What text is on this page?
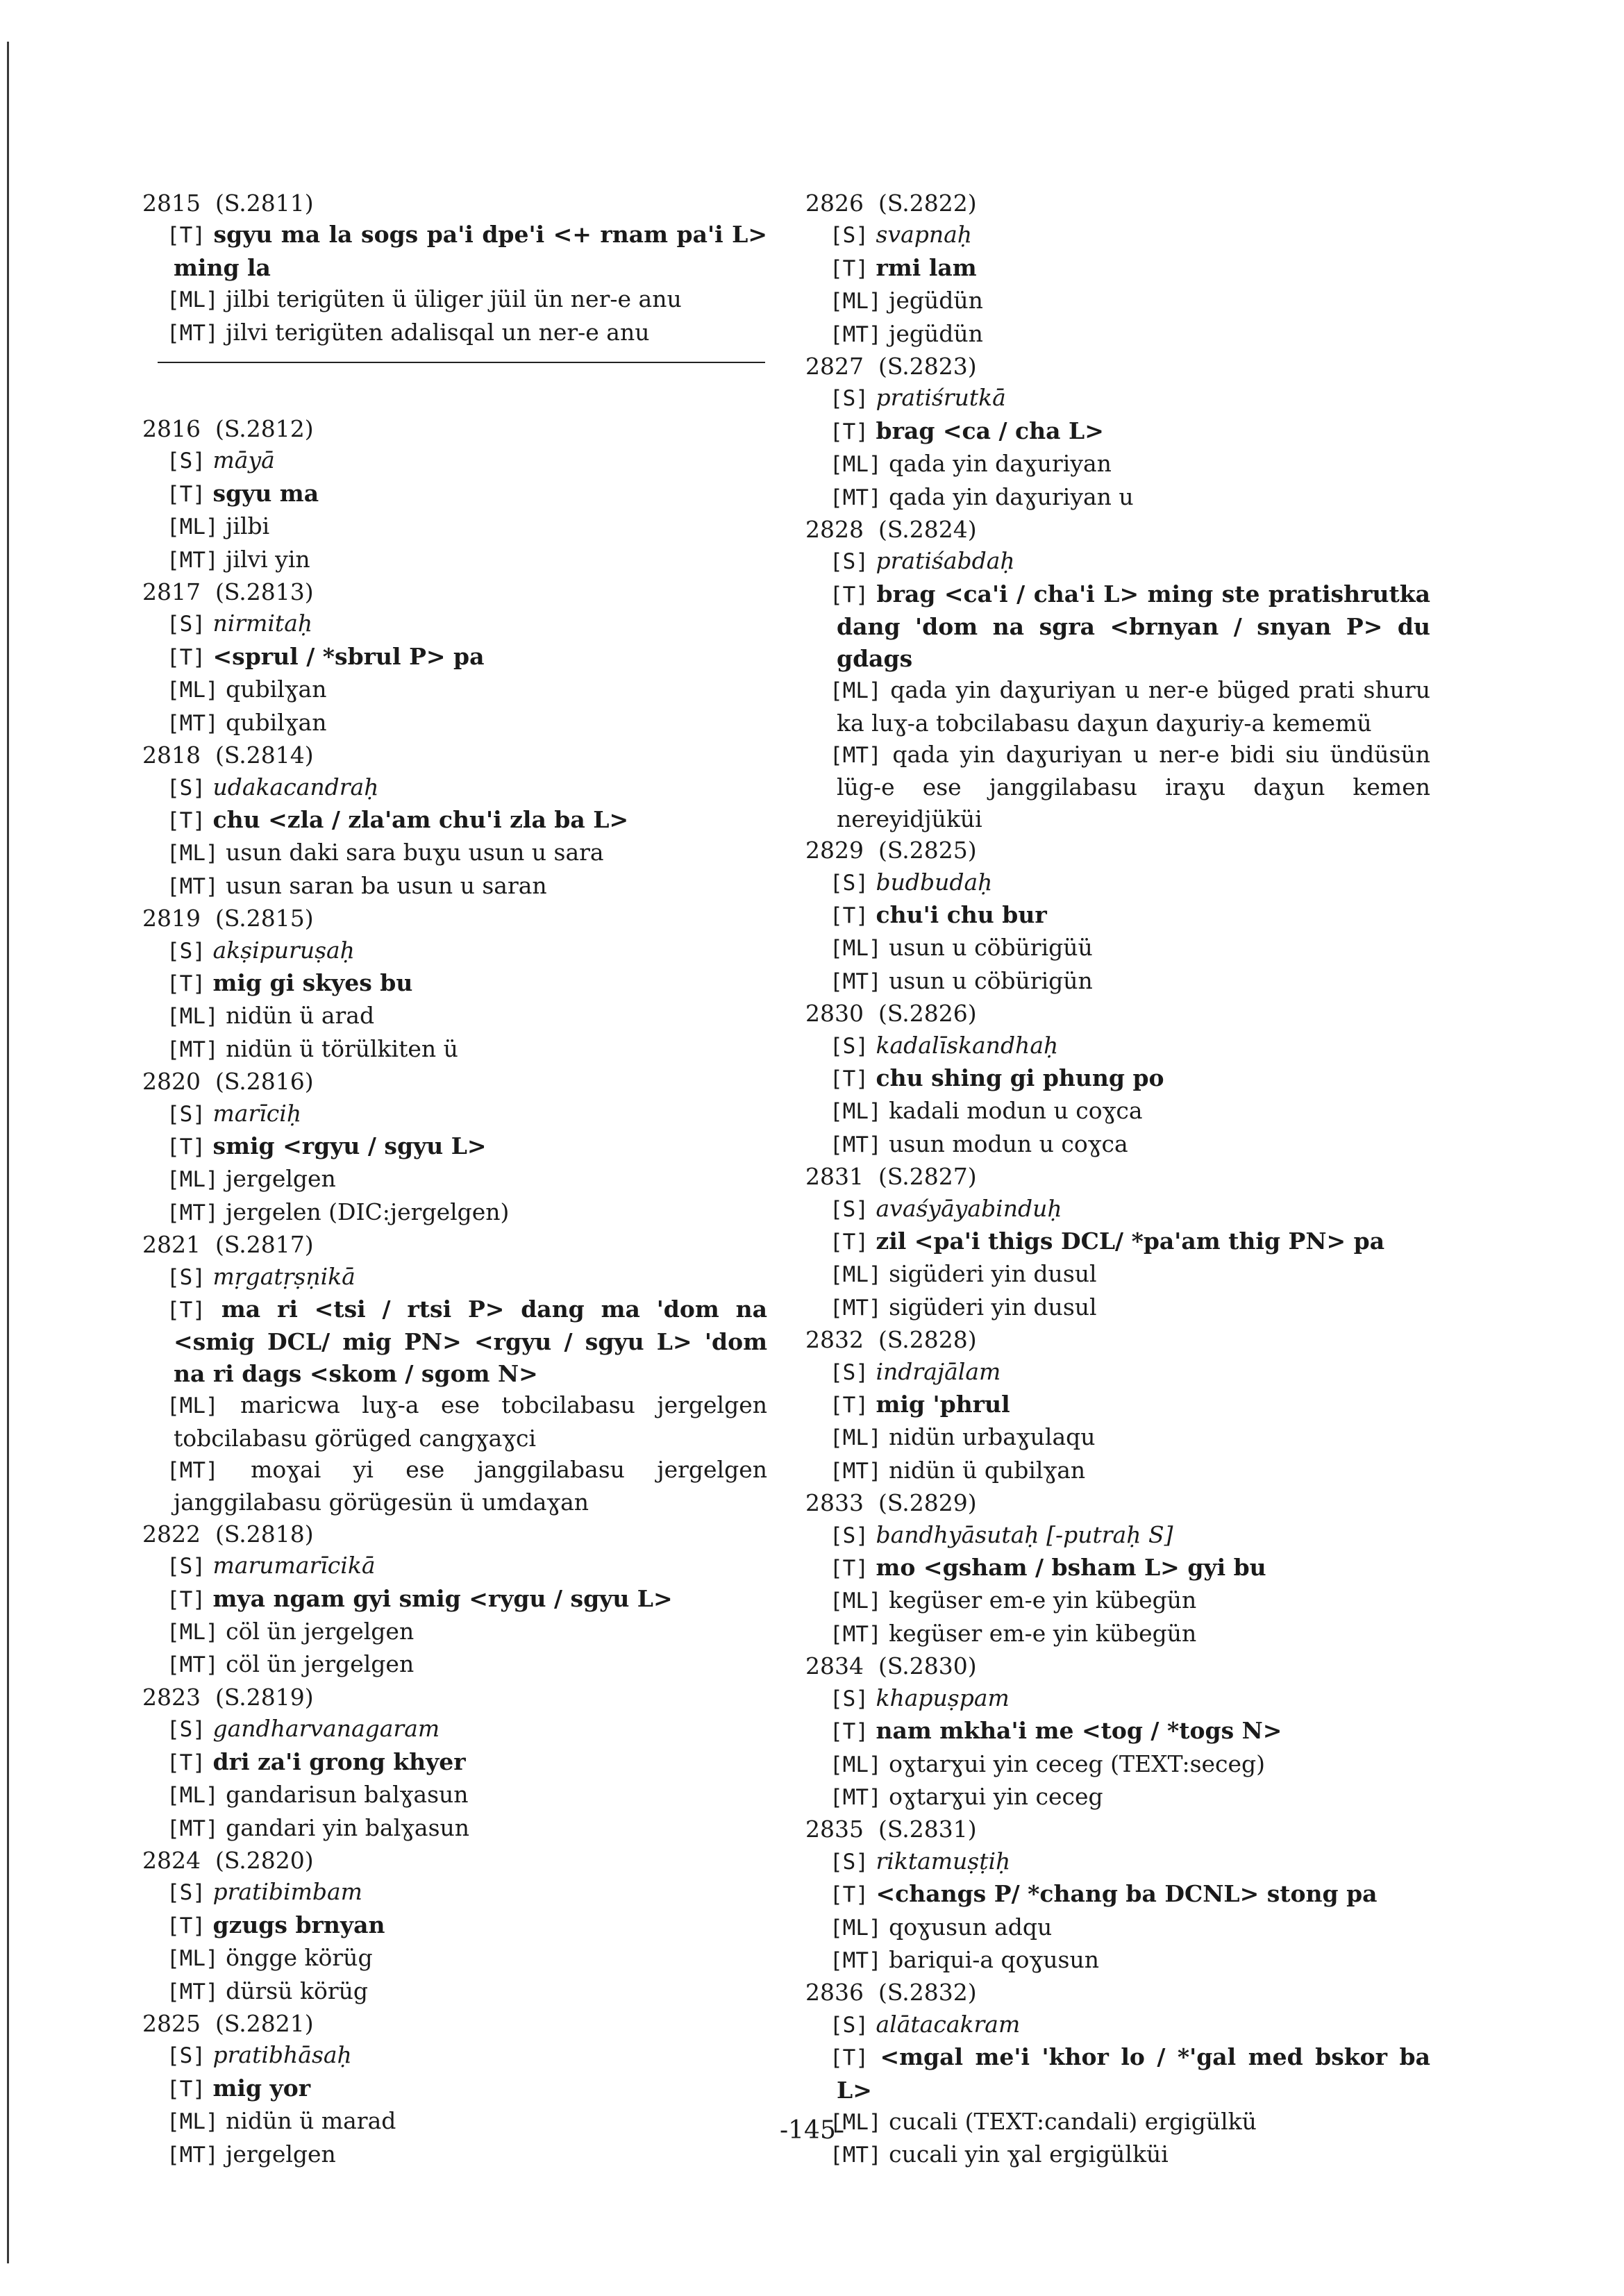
2815  (S.2811)
[T] sgyu ma la sogs pa'i dpe'i <+ rnam pa'i L> ming la
[ML] jilbi terigüten ü üliger jüil ün ner-e anu
[MT] jilvi terigüten adalisqal un ner-e anu
2816  (S.2812)
[S] māyā
[T] sgyu ma
[ML] jilbi
[MT] jilvi yin
2817  (S.2813)
[S] nirmitaḥ
[T] <sprul / *sbrul P> pa
[ML] qubilɣan
[MT] qubilɣan
2818  (S.2814)
[S] udakacandraḥ
[T] chu <zla / zla'am chu'i zla ba L>
[ML] usun daki sara buɣu usun u sara
[MT] usun saran ba usun u saran
2819  (S.2815)
[S] akṣipuruṣaḥ
[T] mig gi skyes bu
[ML] nidün ü arad
[MT] nidün ü törülkiten ü
2820  (S.2816)
[S] marīciḥ
[T] smig <rgyu / sgyu L>
[ML] jergelgen
[MT] jergelen (DIC:jergelgen)
2821  (S.2817)
[S] mṛgatṛṣṇikā
[T] ma ri <tsi / rtsi P> dang ma 'dom na <smig DCL/ mig PN> <rgyu / sgyu L> 'dom na ri dags <skom / sgom N>
[ML] maricwa luɣ-a ese tobcilabasu jergelgen tobcilabasu görüged cangɣaɣci
[MT] moɣai yi ese janggilabasu jergelgen janggilabasu görügesün ü umdaɣan
2822  (S.2818)
[S] marumarīcikā
[T] mya ngam gyi smig <rygu / sgyu L>
[ML] cöl ün jergelgen
[MT] cöl ün jergelgen
2823  (S.2819)
[S] gandharvanagaram
[T] dri za'i grong khyer
[ML] gandarisun balɣasun
[MT] gandari yin balɣasun
2824  (S.2820)
[S] pratibimbam
[T] gzugs brnyan
[ML] öngge körüg
[MT] dürsü körüg
2825  (S.2821)
[S] pratibhāsaḥ
[T] mig yor
[ML] nidün ü marad
[MT] jergelgen
2826  (S.2822)
[S] svapnaḥ
[T] rmi lam
[ML] jegüdün
[MT] jegüdün
2827  (S.2823)
[S] pratiśrutkā
[T] brag <ca / cha L>
[ML] qada yin daɣuriyan
[MT] qada yin daɣuriyan u
2828  (S.2824)
[S] pratiśabdaḥ
[T] brag <ca'i / cha'i L> ming ste pratishrutka dang 'dom na sgra <brnyan / snyan P> du gdags
[ML] qada yin daɣuriyan u ner-e büged prati shuru ka luɣ-a tobcilabasu daɣun daɣuriy-a kememü
[MT] qada yin daɣuriyan u ner-e bidi siu ündüsün lüg-e ese janggilabasu iraɣu daɣun kemen nereyidjüküi
2829  (S.2825)
[S] budbudaḥ
[T] chu'i chu bur
[ML] usun u cöbürigüü
[MT] usun u cöbürigün
2830  (S.2826)
[S] kadalīskandhaḥ
[T] chu shing gi phung po
[ML] kadali modun u coɣca
[MT] usun modun u coɣca
2831  (S.2827)
[S] avaśyāyabinduḥ
[T] zil <pa'i thigs DCL/ *pa'am thig PN> pa
[ML] sigüderi yin dusul
[MT] sigüderi yin dusul
2832  (S.2828)
[S] indrajālam
[T] mig 'phrul
[ML] nidün urbaɣulaqu
[MT] nidün ü qubilɣan
2833  (S.2829)
[S] bandhyāsutaḥ [-putraḥ S]
[T] mo <gsham / bsham L> gyi bu
[ML] kegüser em-e yin kübegün
[MT] kegüser em-e yin kübegün
2834  (S.2830)
[S] khapuṣpam
[T] nam mkha'i me <tog / *togs N>
[ML] oɣtarɣui yin ceceg (TEXT:seceg)
[MT] oɣtarɣui yin ceceg
2835  (S.2831)
[S] riktamuṣṭiḥ
[T] <changs P/ *chang ba DCNL> stong pa
[ML] qoɣusun adqu
[MT] bariqui-a qoɣusun
2836  (S.2832)
[S] alātacakram
[T] <mgal me'i 'khor lo / *'gal med bskor ba L>
[ML] cucali (TEXT:candali) ergigülkü
[MT] cucali yin ɣal ergigülküi
-145-
